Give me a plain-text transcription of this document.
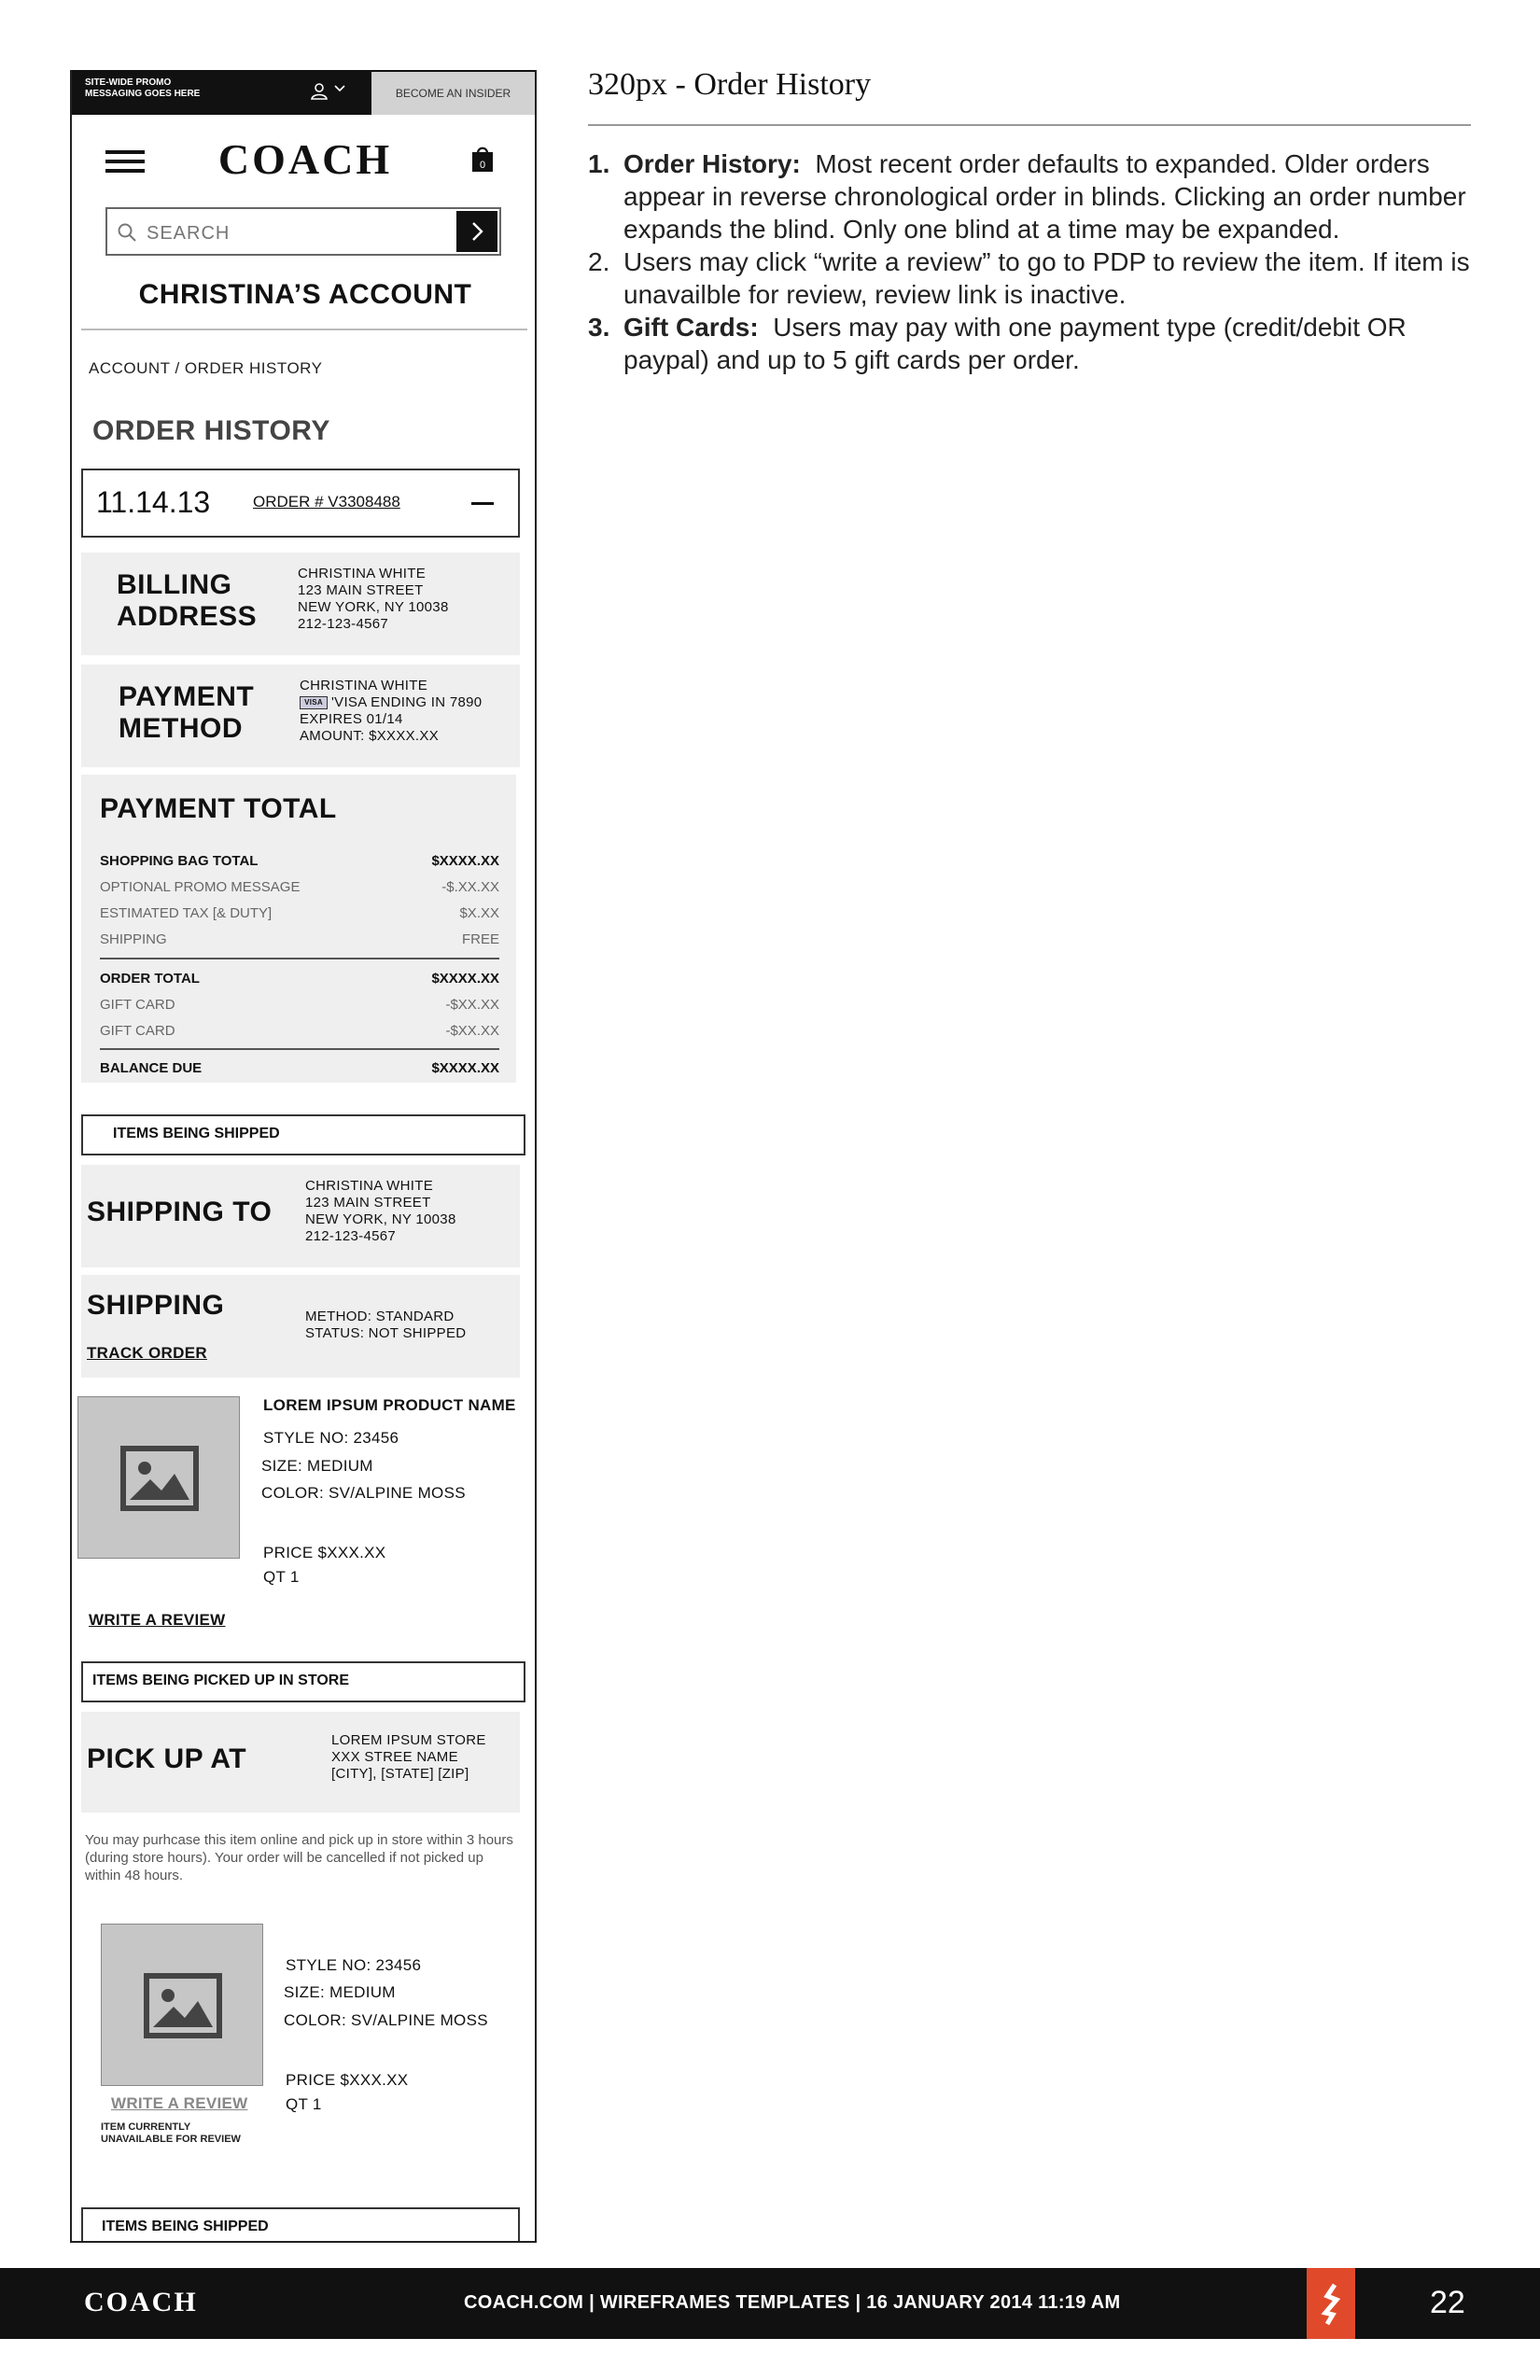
SITE-WIDE PROMO MESSAGING GOES HERE	BECOME AN INSIDER
COACH	0
SEARCH
CHRISTINA’S ACCOUNT
ACCOUNT / ORDER HISTORY
ORDER HISTORY
11.14.13	ORDER # V3308488
BILLING
ADDRESS
CHRISTINA WHITE
123 MAIN STREET
NEW YORK, NY 10038
212-123-4567
PAYMENT
METHOD
CHRISTINA WHITE
VISA 'VISA ENDING IN 7890
EXPIRES 01/14
AMOUNT: $XXXX.XX
PAYMENT TOTAL
SHOPPING BAG TOTAL	$XXXX.XX
OPTIONAL PROMO MESSAGE	-$.XX.XX
ESTIMATED TAX [& DUTY]	$X.XX
SHIPPING	FREE
ORDER TOTAL	$XXXX.XX
GIFT CARD	-$XX.XX
GIFT CARD	-$XX.XX
BALANCE DUE	$XXXX.XX
ITEMS BEING SHIPPED
SHIPPING TO
CHRISTINA WHITE
123 MAIN STREET
NEW YORK, NY 10038
212-123-4567
SHIPPING
TRACK ORDER
METHOD: STANDARD
STATUS: NOT SHIPPED
LOREM IPSUM PRODUCT NAME
STYLE NO: 23456
SIZE: MEDIUM
COLOR: SV/ALPINE MOSS
PRICE $XXX.XX
QT 1
WRITE A REVIEW
ITEMS BEING PICKED UP IN STORE
PICK UP AT
LOREM IPSUM STORE
XXX STREE NAME
[CITY], [STATE] [ZIP]
You may purhcase this item online and pick up in store within 3 hours (during store hours). Your order will be cancelled if not picked up within 48 hours.
STYLE NO: 23456
SIZE: MEDIUM
COLOR: SV/ALPINE MOSS
PRICE $XXX.XX
QT 1
WRITE A REVIEW
ITEM CURRENTLY
UNAVAILABLE FOR REVIEW
ITEMS BEING SHIPPED
320px - Order History

1. Order History: Most recent order defaults to expanded. Older orders appear in reverse chronological order in blinds. Clicking an order number expands the blind. Only one blind at a time may be expanded.

2. Users may click “write a review” to go to PDP to review the item. If item is unavailble for review, review link is inactive.

3. Gift Cards: Users may pay with one payment type (credit/debit OR paypal) and up to 5 gift cards per order.

COACH	COACH.COM | WIREFRAMES TEMPLATES | 16 JANUARY 2014 11:19 AM	22
